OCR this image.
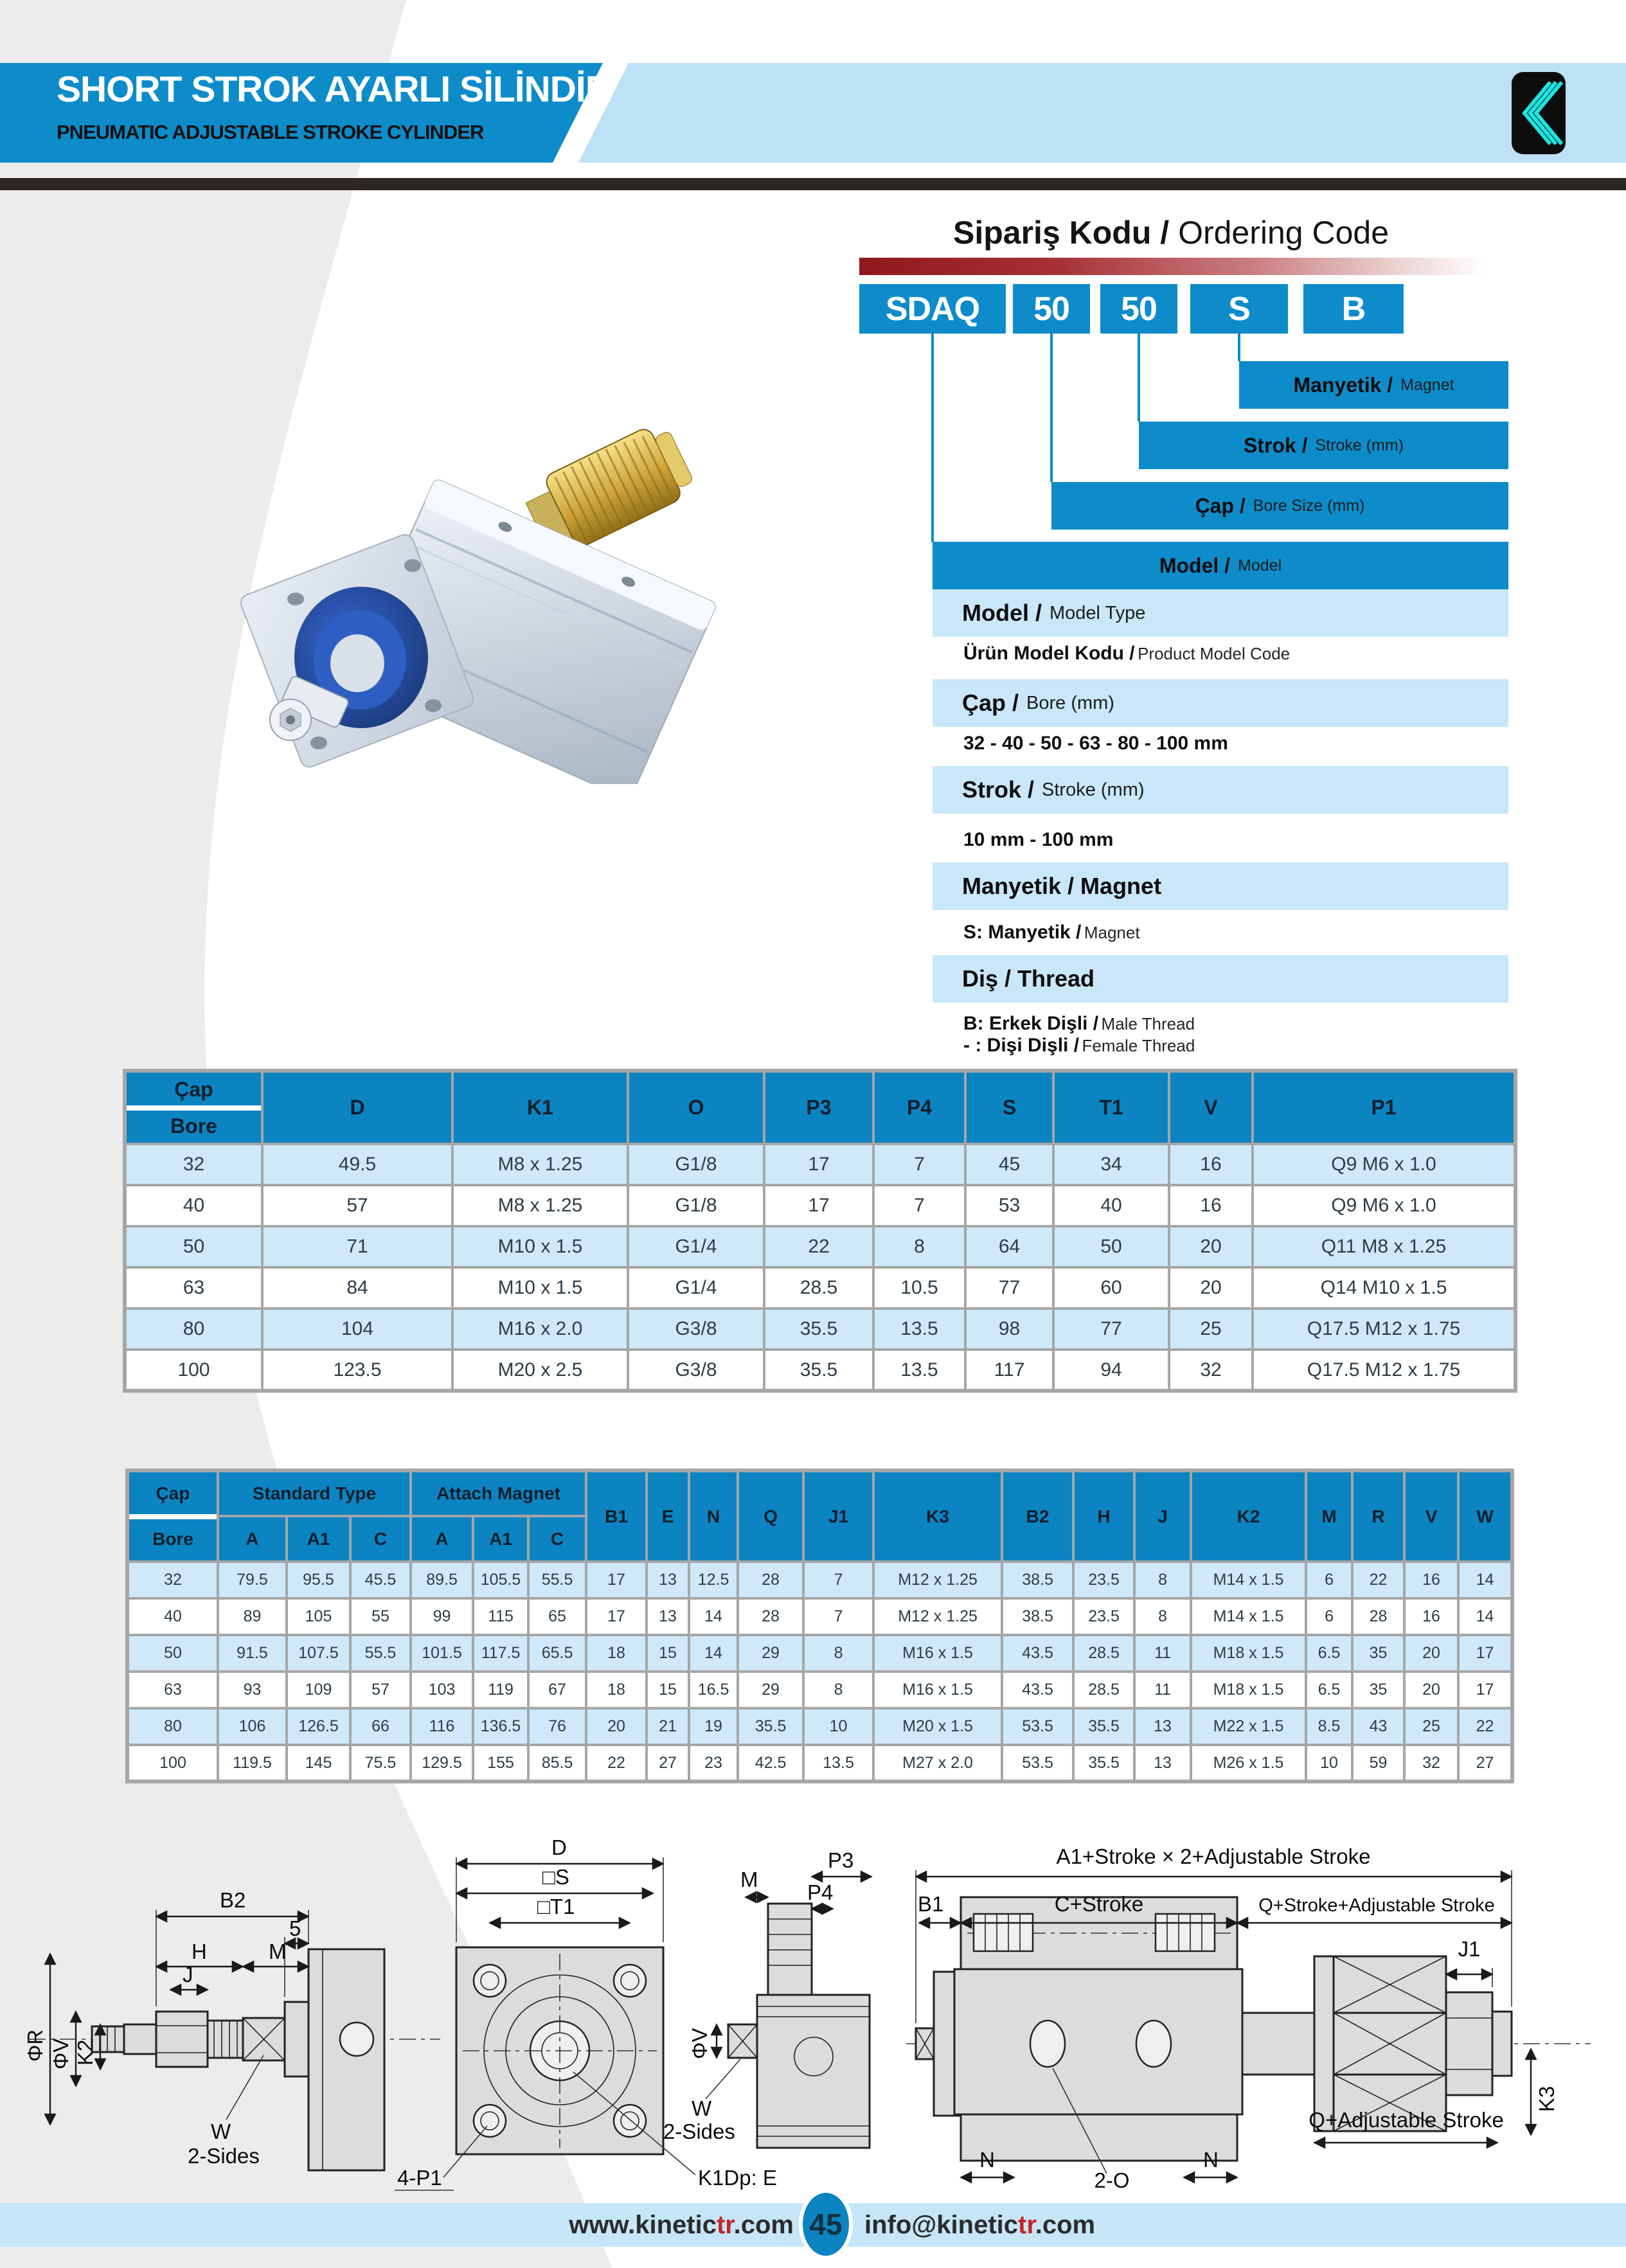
SHORT STROK AYARLI SİLİNDİR
PNEUMATIC ADJUSTABLE STROKE CYLINDER
Sipariş Kodu / Ordering Code
SDAQ	50	50	S	B
Manyetik / Magnet
Strok / Stroke (mm)
Çap / Bore Size (mm)
Model / Model
Model / Model Type
Ürün Model Kodu / Product Model Code
Çap / Bore (mm)
32 - 40 - 50 - 63 - 80 - 100 mm
Strok / Stroke (mm)
10 mm - 100 mm
Manyetik / Magnet
S: Manyetik / Magnet
Diş / Thread
B: Erkek Dişli / Male Thread
- : Dişi Dişli / Female Thread
Çap
Bore	D	K1	O	P3	P4	S	T1	V	P1
32	49.5	M8 x 1.25	G1/8	17	7	45	34	16	Q9 M6 x 1.0
40	57	M8 x 1.25	G1/8	17	7	53	40	16	Q9 M6 x 1.0
50	71	M10 x 1.5	G1/4	22	8	64	50	20	Q11 M8 x 1.25
63	84	M10 x 1.5	G1/4	28.5	10.5	77	60	20	Q14 M10 x 1.5
80	104	M16 x 2.0	G3/8	35.5	13.5	98	77	25	Q17.5 M12 x 1.75
100	123.5	M20 x 2.5	G3/8	35.5	13.5	117	94	32	Q17.5 M12 x 1.75
Çap
Bore	Standard Type			Attach Magnet			B1	E	N	Q	J1	K3	B2	H	J	K2	M	R	V	W
	A	A1	C	A	A1	C														
32	79.5	95.5	45.5	89.5	105.5	55.5	17	13	12.5	28	7	M12 x 1.25	38.5	23.5	8	M14 x 1.5	6	22	16	14
40	89	105	55	99	115	65	17	13	14	28	7	M12 x 1.25	38.5	23.5	8	M14 x 1.5	6	28	16	14
50	91.5	107.5	55.5	101.5	117.5	65.5	18	15	14	29	8	M16 x 1.5	43.5	28.5	11	M18 x 1.5	6.5	35	20	17
63	93	109	57	103	119	67	18	15	16.5	29	8	M16 x 1.5	43.5	28.5	11	M18 x 1.5	6.5	35	20	17
80	106	126.5	66	116	136.5	76	20	21	19	35.5	10	M20 x 1.5	53.5	35.5	13	M22 x 1.5	8.5	43	25	22
100	119.5	145	75.5	129.5	155	85.5	22	27	23	42.5	13.5	M27 x 2.0	53.5	35.5	13	M26 x 1.5	10	59	32	27
B2
5
H	M
J
ΦR ΦV K2
W
2-Sides
D
□S
□T1
4-P1	K1Dp: E
M
P3
P4
ΦV
W
2-Sides
A1+Stroke × 2+Adjustable Stroke
B1	C+Stroke	Q+Stroke+Adjustable Stroke
J1
K3
Q+Adjustable Stroke
N
2-O
N
www.kinetictr.com 45 info@kinetictr.com
